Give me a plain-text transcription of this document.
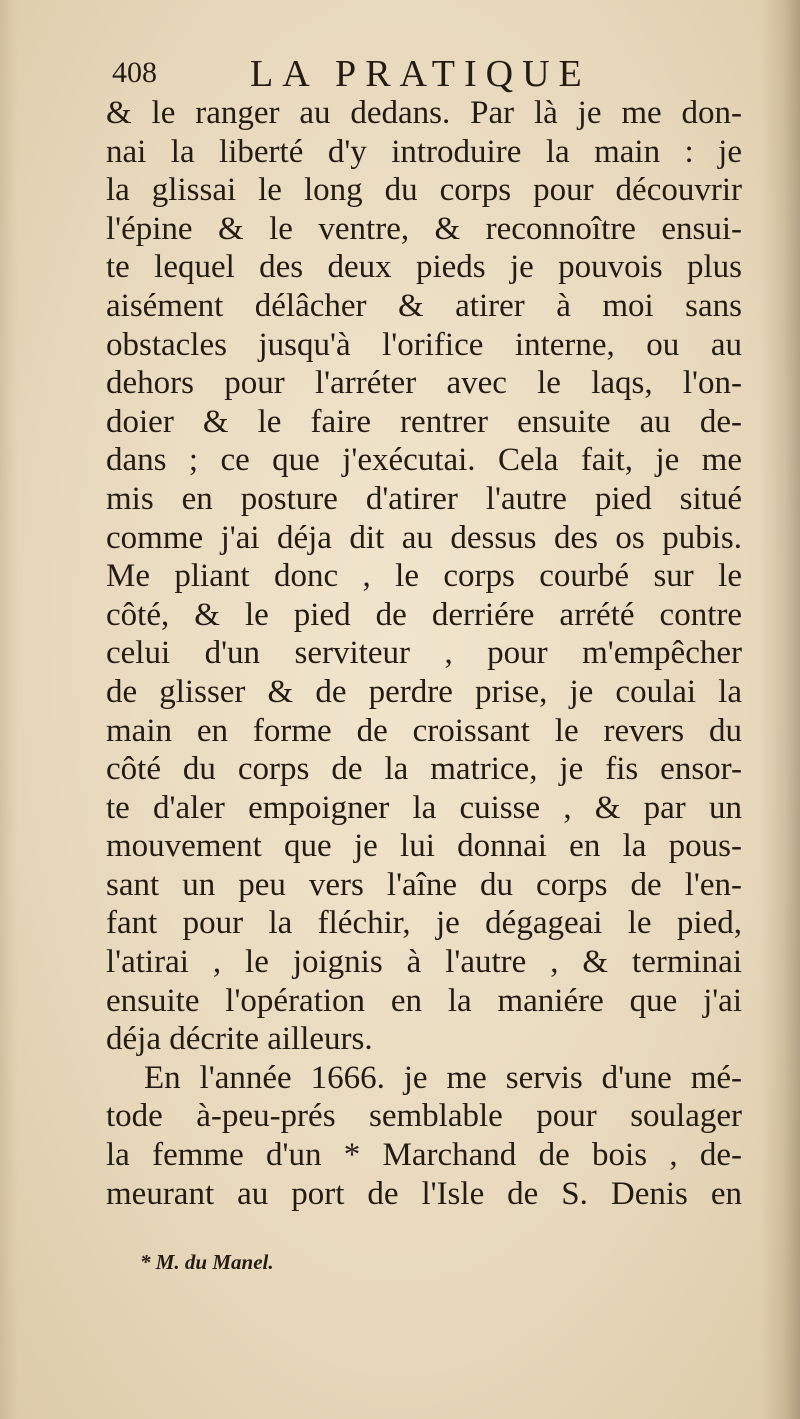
408 LA PRATIQUE
& le ranger au dedans. Par là je me don-
nai la liberté d'y introduire la main : je
la glissai le long du corps pour découvrir
l'épine & le ventre, & reconnoître ensui-
te lequel des deux pieds je pouvois plus
aisément délâcher & atirer à moi sans
obstacles jusqu'à l'orifice interne, ou au
dehors pour l'arréter avec le laqs, l'on-
doier & le faire rentrer ensuite au de-
dans ; ce que j'exécutai. Cela fait, je me
mis en posture d'atirer l'autre pied situé
comme j'ai déja dit au dessus des os pubis.
Me pliant donc , le corps courbé sur le
côté, & le pied de derriére arrété contre
celui d'un serviteur , pour m'empêcher
de glisser & de perdre prise, je coulai la
main en forme de croissant le revers du
côté du corps de la matrice, je fis ensor-
te d'aler empoigner la cuisse , & par un
mouvement que je lui donnai en la pous-
sant un peu vers l'aîne du corps de l'en-
fant pour la fléchir, je dégageai le pied,
l'atirai , le joignis à l'autre , & terminai
ensuite l'opération en la maniére que j'ai
déja décrite ailleurs.
En l'année 1666. je me servis d'une mé-
tode à-peu-prés semblable pour soulager
la femme d'un * Marchand de bois , de-
meurant au port de l'Isle de S. Denis en
* M. du Manel.
